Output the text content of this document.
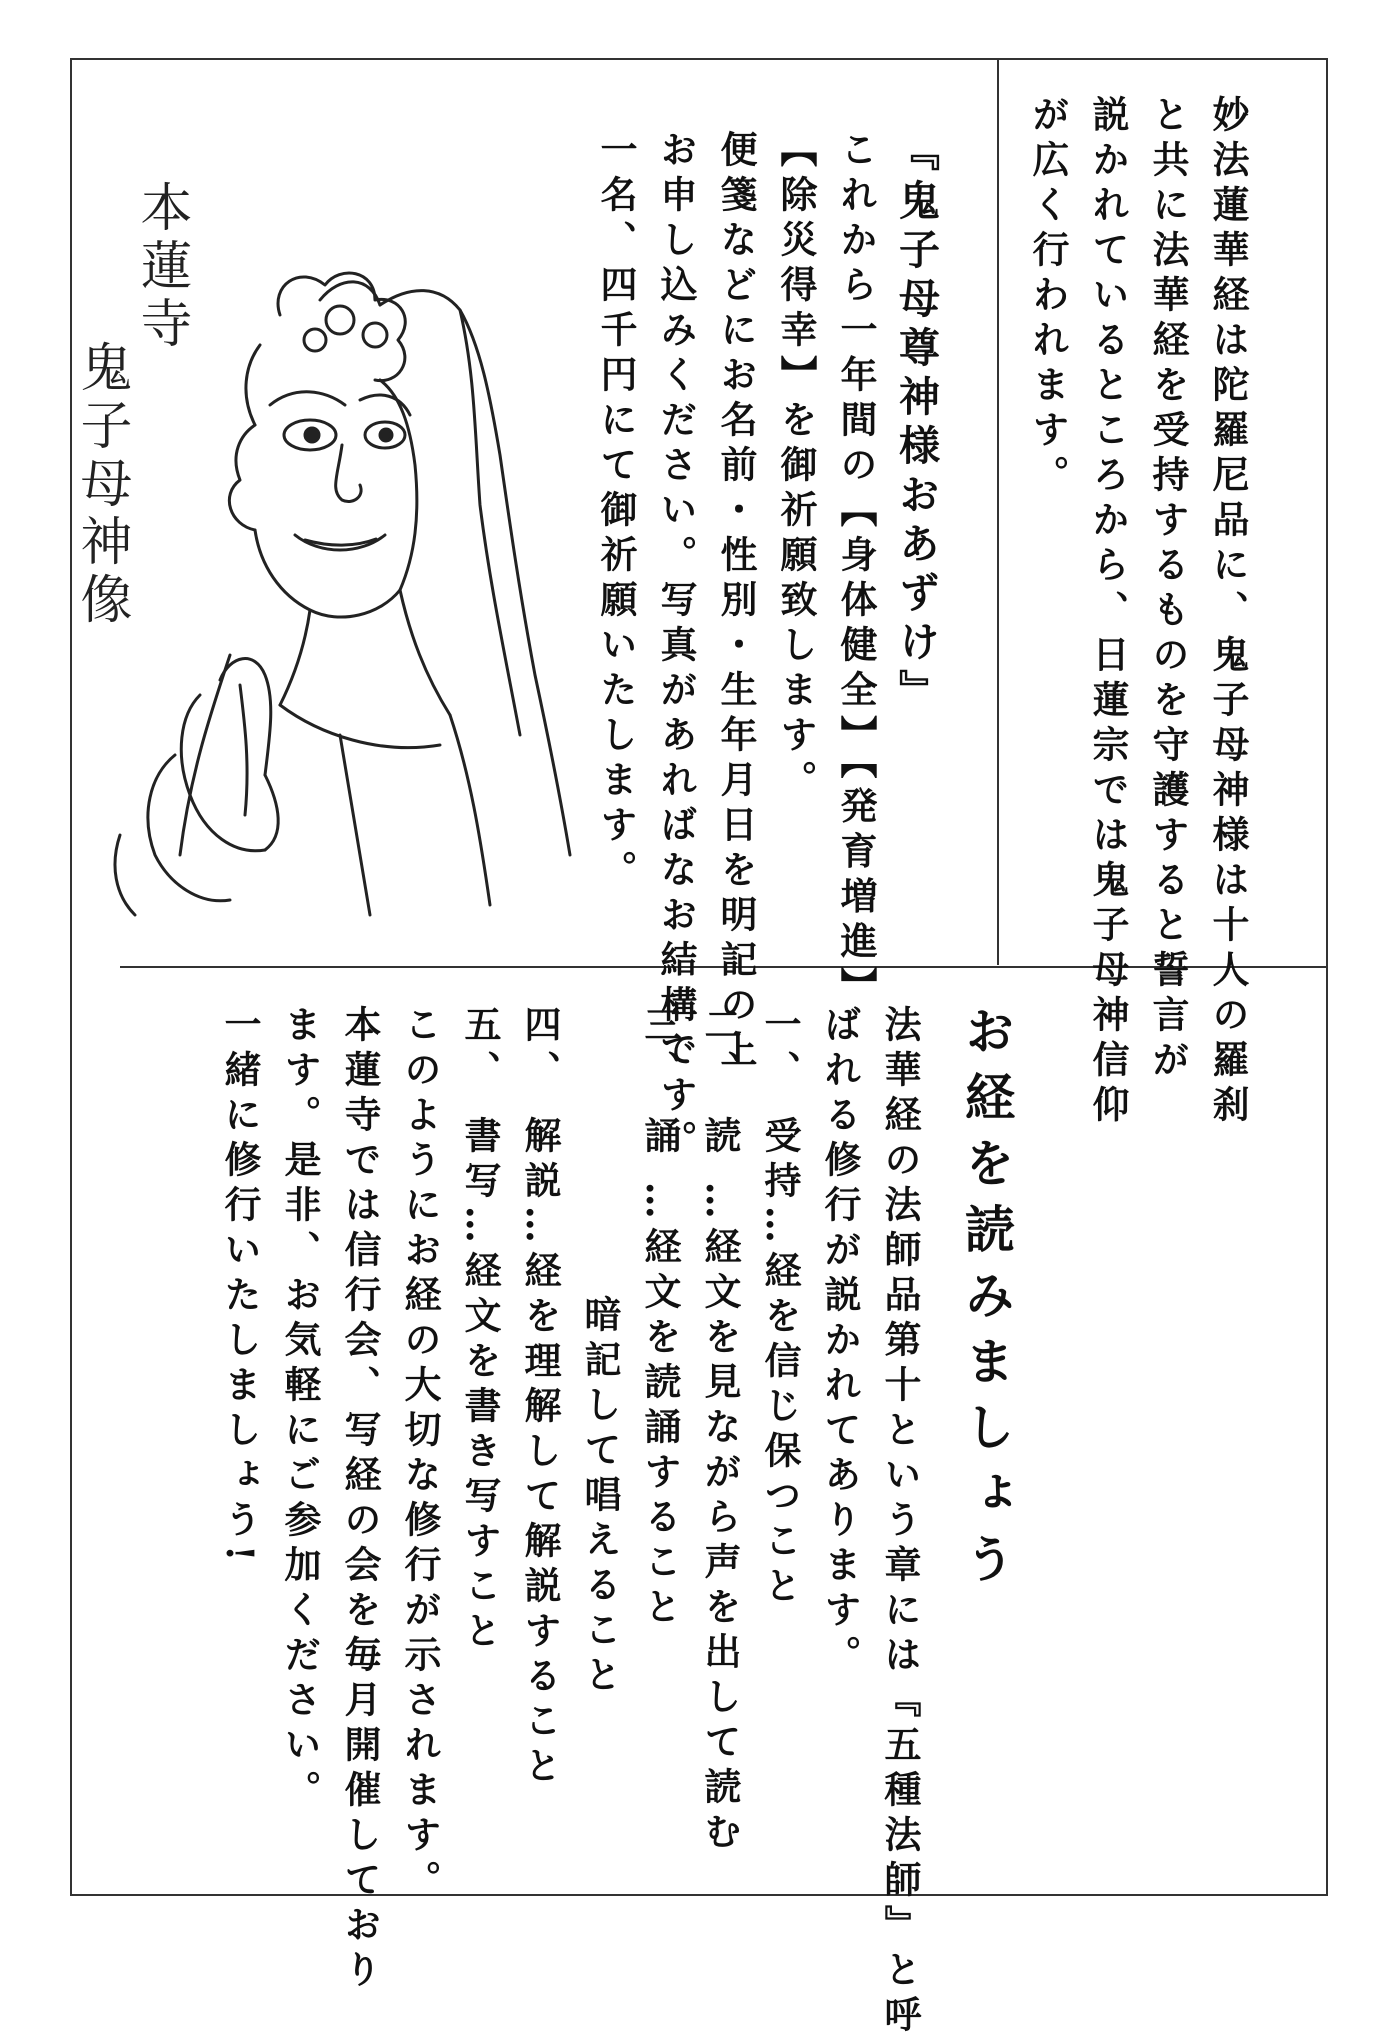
妙法蓮華経は陀羅尼品に、鬼子母神様は十人の羅刹
と共に法華経を受持するものを守護すると誓言が
説かれているところから、日蓮宗では鬼子母神信仰
が広く行われます。
『鬼子母尊神様おあずけ』
これから一年間の【身体健全】【発育増進】
【除災得幸】を御祈願致します。
便箋などにお名前・性別・生年月日を明記の上
お申し込みください。写真があればなお結構です。
一名、四千円にて御祈願いたします。
本蓮寺
鬼子母神像
お経を読みましょう
法華経の法師品第十という章には『五種法師』と呼
ばれる修行が説かれてあります。
一、 受持…経を信じ保つこと
二、 読 …経文を見ながら声を出して読む
三、 誦 …経文を読誦すること
暗記して唱えること
四、 解説…経を理解して解説すること
五、 書写…経文を書き写すこと
このようにお経の大切な修行が示されます。
本蓮寺では信行会、写経の会を毎月開催しており
ます。是非、お気軽にご参加ください。
一緒に修行いたしましょう!
